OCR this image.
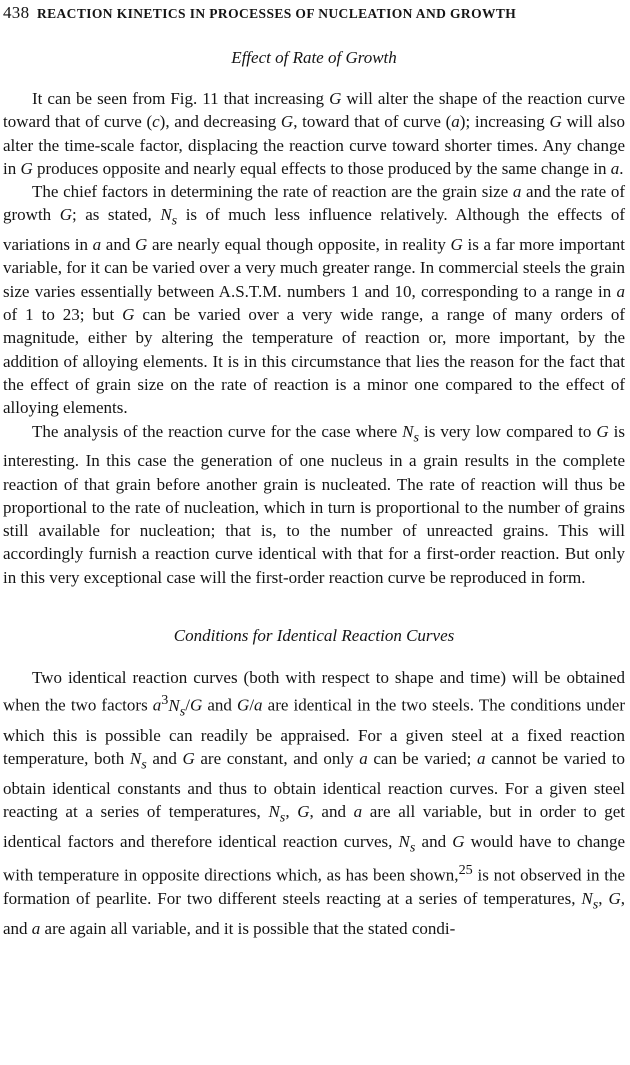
438 REACTION KINETICS IN PROCESSES OF NUCLEATION AND GROWTH
Effect of Rate of Growth

It can be seen from Fig. 11 that increasing G will alter the shape of the reaction curve toward that of curve (c), and decreasing G, toward that of curve (a); increasing G will also alter the time-scale factor, displacing the reaction curve toward shorter times. Any change in G produces opposite and nearly equal effects to those produced by the same change in a.

The chief factors in determining the rate of reaction are the grain size a and the rate of growth G; as stated, $N_s$ is of much less influence relatively. Although the effects of variations in a and G are nearly equal though opposite, in reality G is a far more important variable, for it can be varied over a very much greater range. In commercial steels the grain size varies essentially between A.S.T.M. numbers 1 and 10, corresponding to a range in a of 1 to 23; but G can be varied over a very wide range, a range of many orders of magnitude, either by altering the temperature of reaction or, more important, by the addition of alloying elements. It is in this circumstance that lies the reason for the fact that the effect of grain size on the rate of reaction is a minor one compared to the effect of alloying elements.

The analysis of the reaction curve for the case where $N_s$ is very low compared to G is interesting. In this case the generation of one nucleus in a grain results in the complete reaction of that grain before another grain is nucleated. The rate of reaction will thus be proportional to the rate of nucleation, which in turn is proportional to the number of grains still available for nucleation; that is, to the number of unreacted grains. This will accordingly furnish a reaction curve identical with that for a first-order reaction. But only in this very exceptional case will the first-order reaction curve be reproduced in form.

Conditions for Identical Reaction Curves

Two identical reaction curves (both with respect to shape and time) will be obtained when the two factors $a^3N_s/G$ and G/a are identical in the two steels. The conditions under which this is possible can readily be appraised. For a given steel at a fixed reaction temperature, both $N_s$ and G are constant, and only a can be varied; a cannot be varied to obtain identical constants and thus to obtain identical reaction curves. For a given steel reacting at a series of temperatures, $N_s$, G, and a are all variable, but in order to get identical factors and therefore identical reaction curves, $N_s$ and G would have to change with temperature in opposite directions which, as has been shown,$^{25}$ is not observed in the formation of pearlite. For two different steels reacting at a series of temperatures, $N_s$, G, and a are again all variable, and it is possible that the stated condi-
